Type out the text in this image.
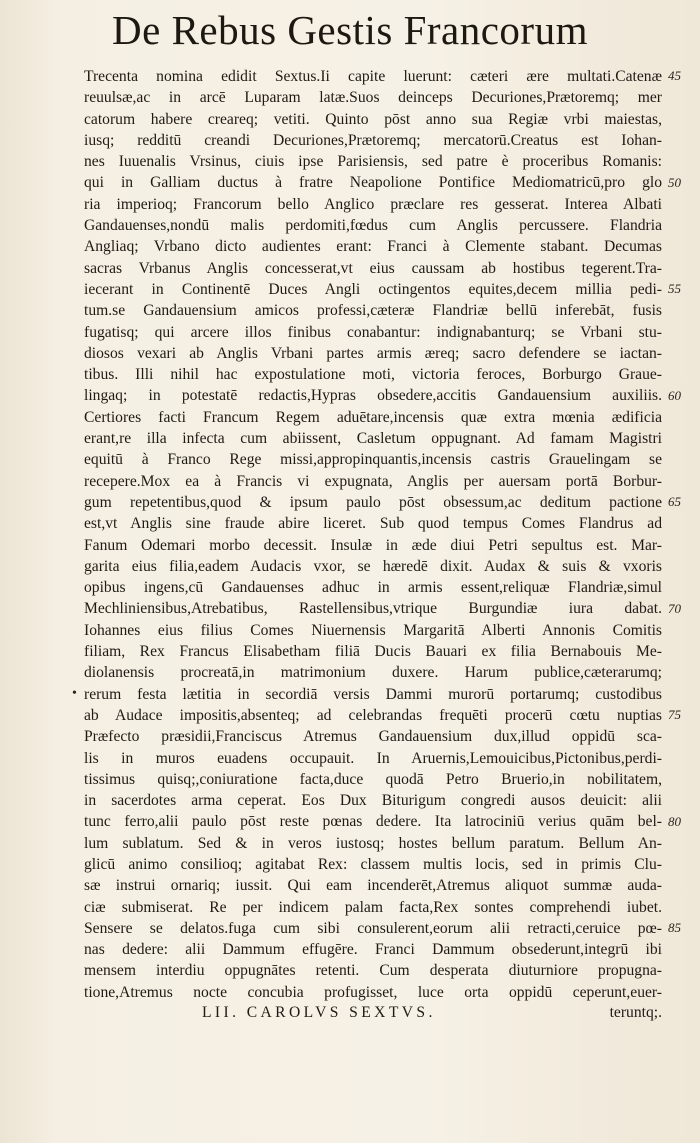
De Rebus Gestis Francorum
Trecenta nomina edidit Sextus.Ii capite luerunt: cæteri ære multati.Catenæ
reuulsæ,ac in arcē Luparam latæ.Suos deinceps Decuriones,Prætoremq; mer
catorum habere creareq; vetiti. Quinto pōst anno sua Regiæ vrbi maiestas,
iusq; redditū creandi Decuriones,Prætoremq; mercatorū.Creatus est Iohan-
nes Iuuenalis Vrsinus, ciuis ipse Parisiensis, sed patre è proceribus Romanis:
qui in Galliam ductus à fratre Neapolione Pontifice Mediomatricū,pro glo
ria imperioq; Francorum bello Anglico præclare res gesserat. Interea Albati
Gandauenses,nondū malis perdomiti,fœdus cum Anglis percussere. Flandria
Angliaq; Vrbano dicto audientes erant: Franci à Clemente stabant. Decumas
sacras Vrbanus Anglis concesserat,vt eius caussam ab hostibus tegerent.Tra-
iecerant in Continentē Duces Angli octingentos equites,decem millia pedi-
tum.se Gandauensium amicos professi,cæteræ Flandriæ bellū inferebāt, fusis
fugatisq; qui arcere illos finibus conabantur: indignabanturq; se Vrbani stu-
diosos vexari ab Anglis Vrbani partes armis æreq; sacro defendere se iactan-
tibus. Illi nihil hac expostulatione moti, victoria feroces, Borburgo Graue-
lingaq; in potestatē redactis,Hypras obsedere,accitis Gandauensium auxiliis.
Certiores facti Francum Regem aduētare,incensis quæ extra mœnia ædificia
erant,re illa infecta cum abiissent, Casletum oppugnant. Ad famam Magistri
equitū à Franco Rege missi,appropinquantis,incensis castris Grauelingam se
recepere.Mox ea à Francis vi expugnata, Anglis per auersam portā Borbur-
gum repetentibus,quod & ipsum paulo pōst obsessum,ac deditum pactione
est,vt Anglis sine fraude abire liceret. Sub quod tempus Comes Flandrus ad
Fanum Odemari morbo decessit. Insulæ in æde diui Petri sepultus est. Mar-
garita eius filia,eadem Audacis vxor, se hæredē dixit. Audax & suis & vxoris
opibus ingens,cū Gandauenses adhuc in armis essent,reliquæ Flandriæ,simul
Mechliniensibus,Atrebatibus, Rastellensibus,vtrique Burgundiæ iura dabat.
Iohannes eius filius Comes Niuernensis Margaritā Alberti Annonis Comitis
filiam, Rex Francus Elisabetham filiā Ducis Bauari ex filia Bernabouis Me-
diolanensis procreatā,in matrimonium duxere. Harum publice,cæterarumq;
rerum festa lætitia in secordiā versis Dammi murorū portarumq; custodibus
ab Audace impositis,absenteq; ad celebrandas frequēti procerū cœtu nuptias
Præfecto præsidii,Franciscus Atremus Gandauensium dux,illud oppidū sca-
lis in muros euadens occupauit. In Aruernis,Lemouicibus,Pictonibus,perdi-
tissimus quisq;,coniuratione facta,duce quodā Petro Bruerio,in nobilitatem,
in sacerdotes arma ceperat. Eos Dux Biturigum congredi ausos deuicit: alii
tunc ferro,alii paulo pōst reste pœnas dedere. Ita latrociniū verius quām bel-
lum sublatum. Sed & in veros iustosq; hostes bellum paratum. Bellum An-
glicū animo consilioq; agitabat Rex: classem multis locis, sed in primis Clu-
sæ instrui ornariq; iussit. Qui eam incenderēt,Atremus aliquot summæ auda-
ciæ submiserat. Re per indicem palam facta,Rex sontes comprehendi iubet.
Sensere se delatos.fuga cum sibi consulerent,eorum alii retracti,ceruice pœ-
nas dedere: alii Dammum effugēre. Franci Dammum obsederunt,integrū ibi
mensem interdiu oppugnātes retenti. Cum desperata diuturniore propugna-
tione,Atremus nocte concubia profugisset, luce orta oppidū ceperunt,euer-
45
50
55
60
65
70
75
80
85
•
LII. CAROLVS SEXTVS.	teruntq;.
